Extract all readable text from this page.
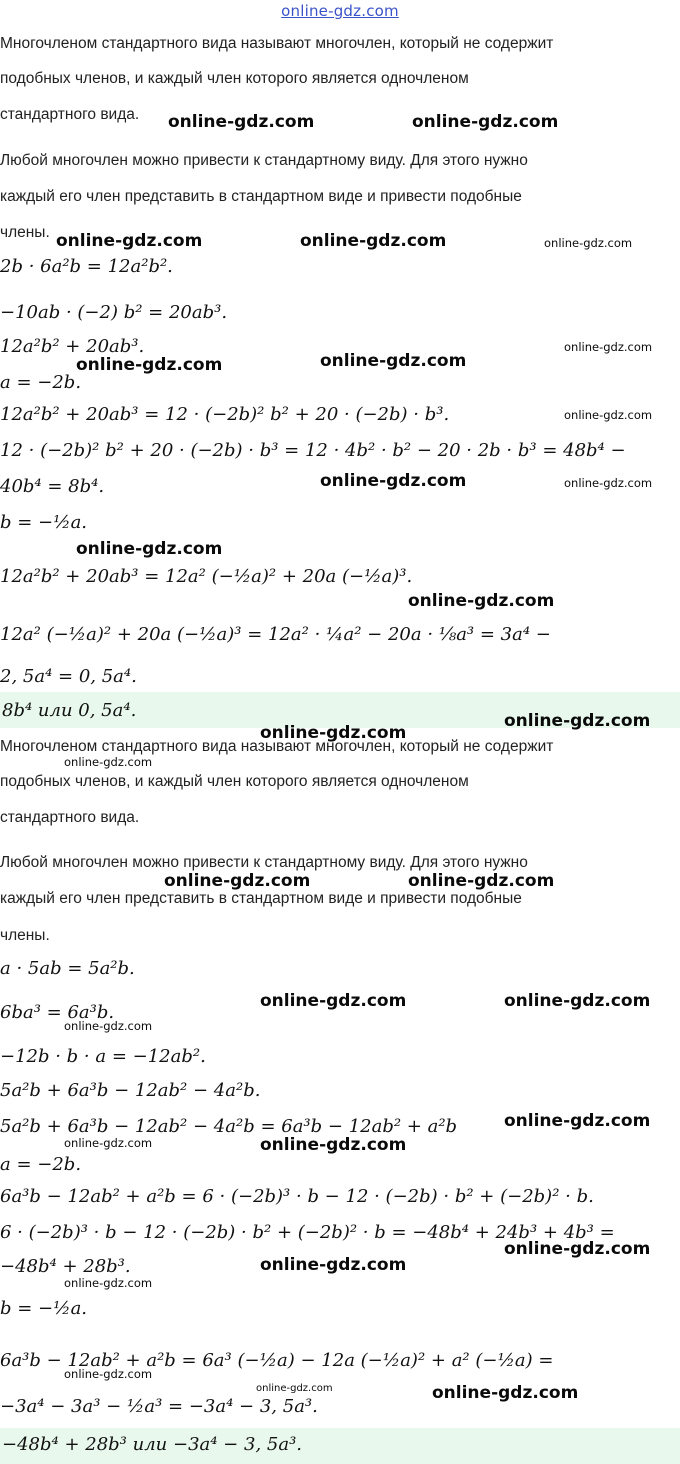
online-gdz.com
Многочленом стандартного вида называют многочлен, который не содержит
подобных членов, и каждый член которого является одночленом
стандартного вида.
Любой многочлен можно привести к стандартному виду. Для этого нужно
каждый его член представить в стандартном виде и привести подобные
члены.
2b · 6a²b = 12a²b².
−10ab · (−2) b² = 20ab³.
12a²b² + 20ab³.
a = −2b.
12a²b² + 20ab³ = 12 · (−2b)² b² + 20 · (−2b) · b³.
12 · (−2b)² b² + 20 · (−2b) · b³ = 12 · 4b² · b² − 20 · 2b · b³ = 48b⁴ −
40b⁴ = 8b⁴.
b = −½a.
12a²b² + 20ab³ = 12a² (−½a)² + 20a (−½a)³.
12a² (−½a)² + 20a (−½a)³ = 12a² · ¼a² − 20a · ⅛a³ = 3a⁴ −
2, 5a⁴ = 0, 5a⁴.
8b⁴ или 0, 5a⁴.
Многочленом стандартного вида называют многочлен, который не содержит
подобных членов, и каждый член которого является одночленом
стандартного вида.
Любой многочлен можно привести к стандартному виду. Для этого нужно
каждый его член представить в стандартном виде и привести подобные
члены.
a · 5ab = 5a²b.
6ba³ = 6a³b.
−12b · b · a = −12ab².
5a²b + 6a³b − 12ab² − 4a²b.
5a²b + 6a³b − 12ab² − 4a²b = 6a³b − 12ab² + a²b
a = −2b.
6a³b − 12ab² + a²b = 6 · (−2b)³ · b − 12 · (−2b) · b² + (−2b)² · b.
6 · (−2b)³ · b − 12 · (−2b) · b² + (−2b)² · b = −48b⁴ + 24b³ + 4b³ =
−48b⁴ + 28b³.
b = −½a.
6a³b − 12ab² + a²b = 6a³ (−½a) − 12a (−½a)² + a² (−½a) =
−3a⁴ − 3a³ − ½a³ = −3a⁴ − 3, 5a³.
−48b⁴ + 28b³ или −3a⁴ − 3, 5a³.
online-gdz.com	online-gdz.com
online-gdz.com	online-gdz.com	online-gdz.com
online-gdz.com
online-gdz.com
online-gdz.com
online-gdz.com
online-gdz.com	online-gdz.com
online-gdz.com
online-gdz.com
online-gdz.com
online-gdz.com
online-gdz.com
online-gdz.com	online-gdz.com
online-gdz.com	online-gdz.com
online-gdz.com
online-gdz.com
online-gdz.com	online-gdz.com
online-gdz.com
online-gdz.com
online-gdz.com
online-gdz.com
online-gdz.com	online-gdz.com
